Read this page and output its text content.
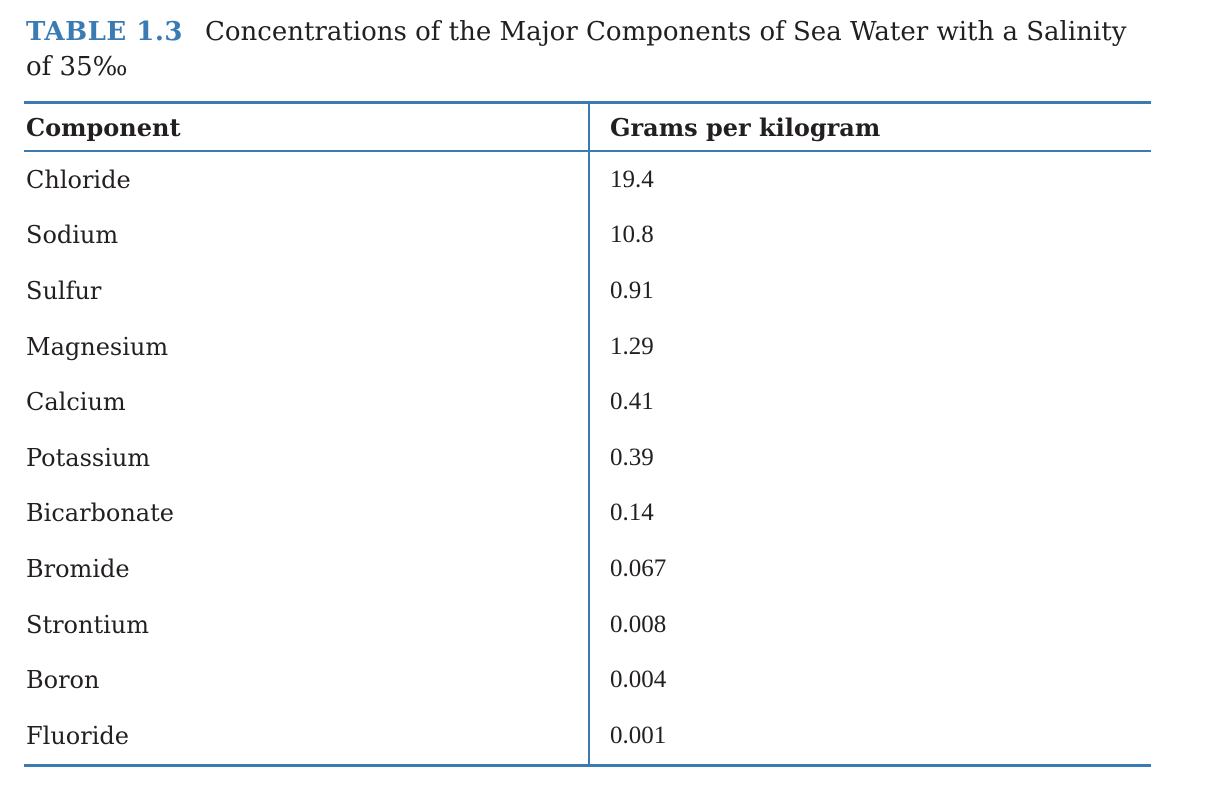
TABLE 1.3 Concentrations of the Major Components of Sea Water with a Salinity of 35‰
Component	Grams per kilogram
Chloride	19.4
Sodium	10.8
Sulfur	0.91
Magnesium	1.29
Calcium	0.41
Potassium	0.39
Bicarbonate	0.14
Bromide	0.067
Strontium	0.008
Boron	0.004
Fluoride	0.001
